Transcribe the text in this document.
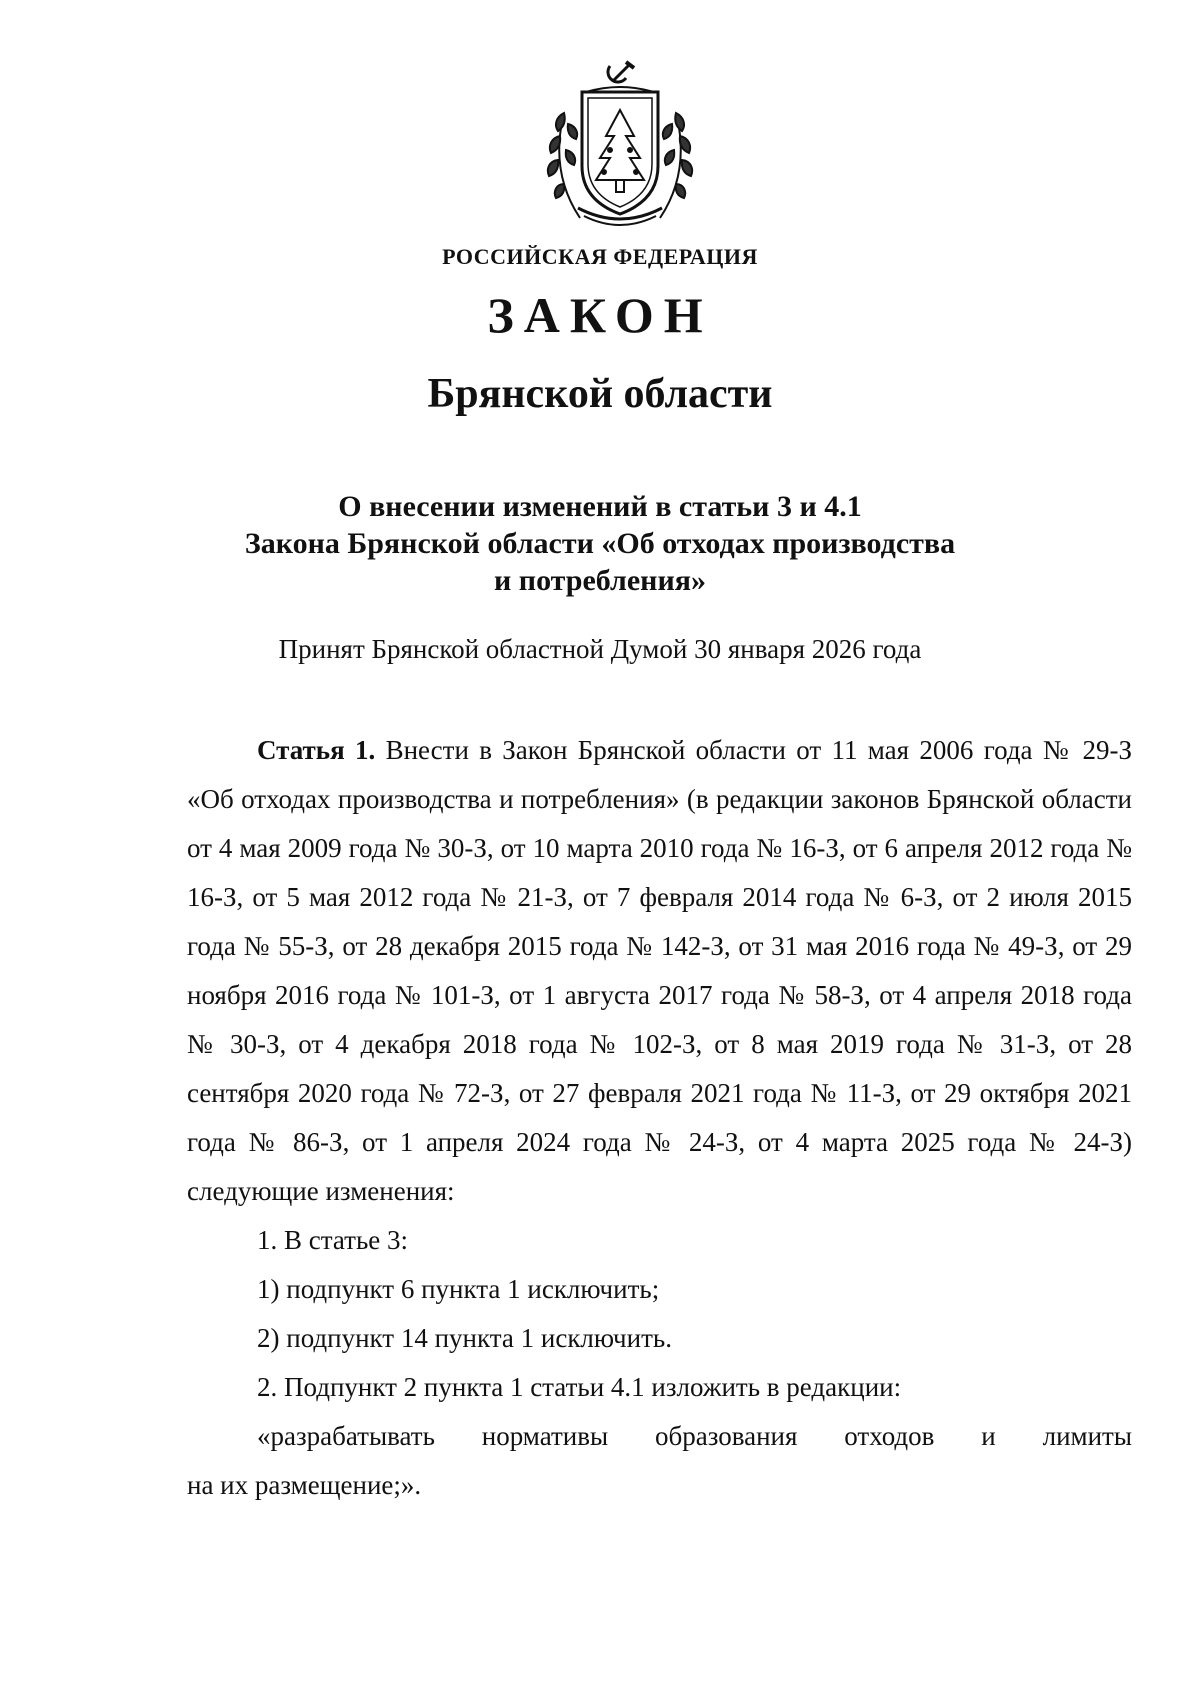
РОССИЙСКАЯ ФЕДЕРАЦИЯ
ЗАКОН
Брянской области
О внесении изменений в статьи 3 и 4.1
Закона Брянской области «Об отходах производства
и потребления»
Принят Брянской областной Думой 30 января 2026 года

Статья 1. Внести в Закон Брянской области от 11 мая 2006 года № 29-З «Об отходах производства и потребления» (в редакции законов Брянской области от 4 мая 2009 года № 30-З, от 10 марта 2010 года № 16-З, от 6 апреля 2012 года № 16-З, от 5 мая 2012 года № 21-З, от 7 февраля 2014 года № 6-З, от 2 июля 2015 года № 55-З, от 28 декабря 2015 года № 142-З, от 31 мая 2016 года № 49-З, от 29 ноября 2016 года № 101-З, от 1 августа 2017 года № 58-З, от 4 апреля 2018 года № 30-З, от 4 декабря 2018 года № 102-З, от 8 мая 2019 года № 31-З, от 28 сентября 2020 года № 72-З, от 27 февраля 2021 года № 11-З, от 29 октября 2021 года № 86-З, от 1 апреля 2024 года № 24-З, от 4 марта 2025 года № 24-З) следующие изменения:

1. В статье 3:

1) подпункт 6 пункта 1 исключить;

2) подпункт 14 пункта 1 исключить.

2. Подпункт 2 пункта 1 статьи 4.1 изложить в редакции:

«разрабатывать нормативы образования отходов и лимиты

на их размещение;».
